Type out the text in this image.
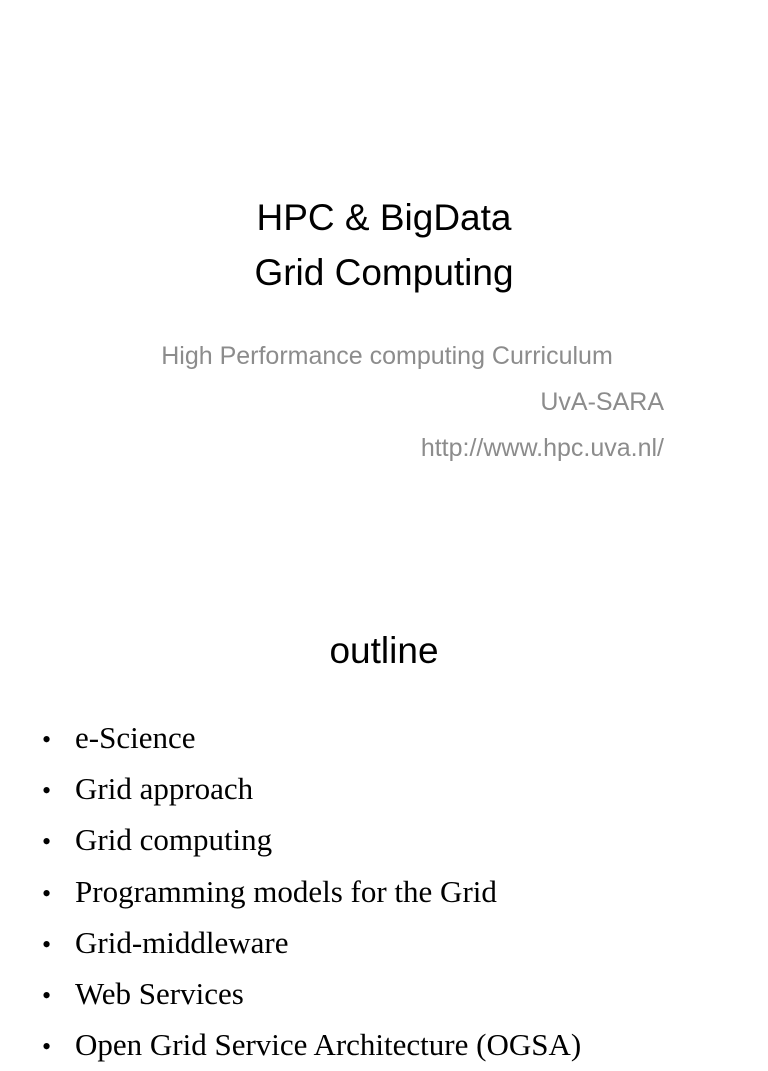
HPC & BigData
Grid Computing
High Performance computing Curriculum
UvA-SARA
http://www.hpc.uva.nl/
outline
• e-Science
• Grid approach
• Grid computing
• Programming models for the Grid
• Grid-middleware
• Web Services
• Open Grid Service Architecture (OGSA)
